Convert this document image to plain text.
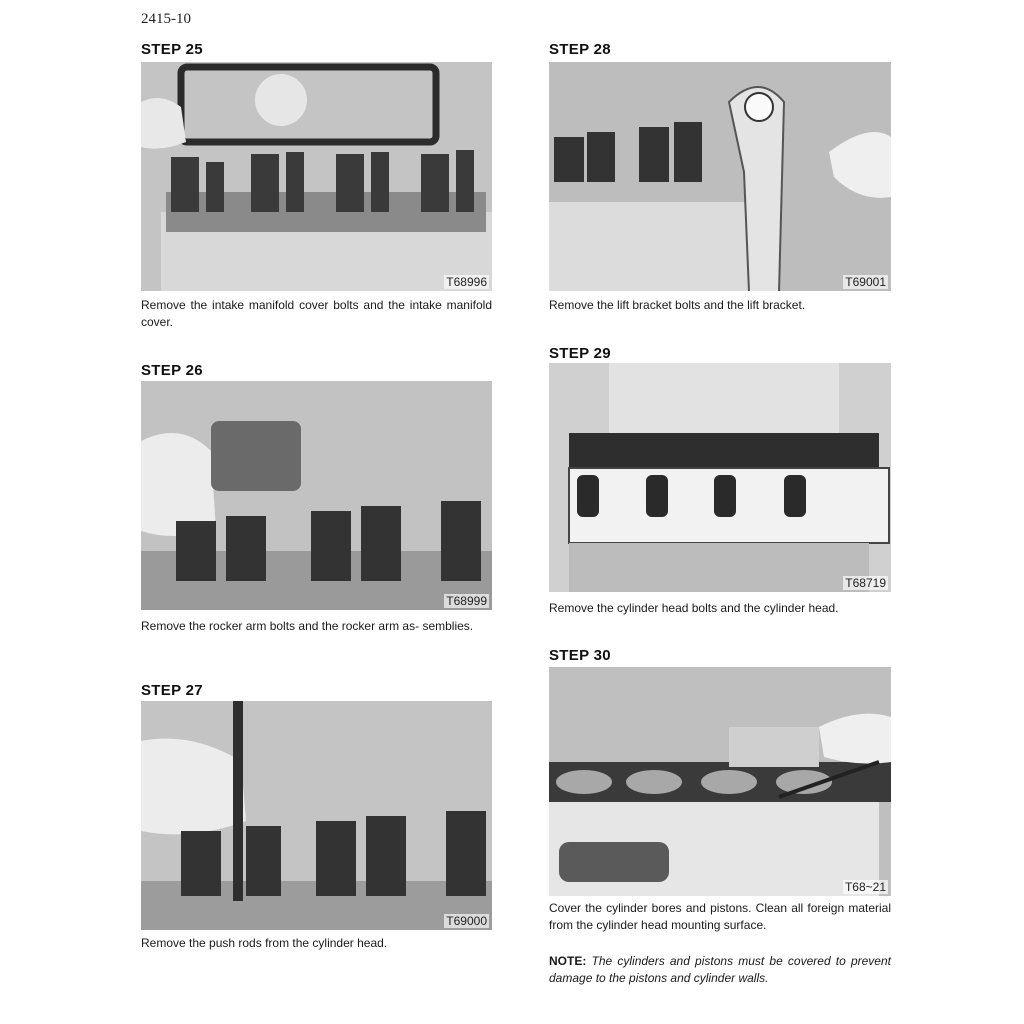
2415-10
STEP 25
T68996
Remove the intake manifold cover bolts and the intake manifold cover.
STEP 26
T68999
Remove the rocker arm bolts and the rocker arm as- semblies.
STEP 27
T69000
Remove the push rods from the cylinder head.
STEP 28
T69001
Remove the lift bracket bolts and the lift bracket.
STEP 29
T68719
Remove the cylinder head bolts and the cylinder head.
STEP 30
T68~21
Cover the cylinder bores and pistons. Clean all foreign material from the cylinder head mounting surface.
NOTE: The cylinders and pistons must be covered to prevent damage to the pistons and cylinder walls.
